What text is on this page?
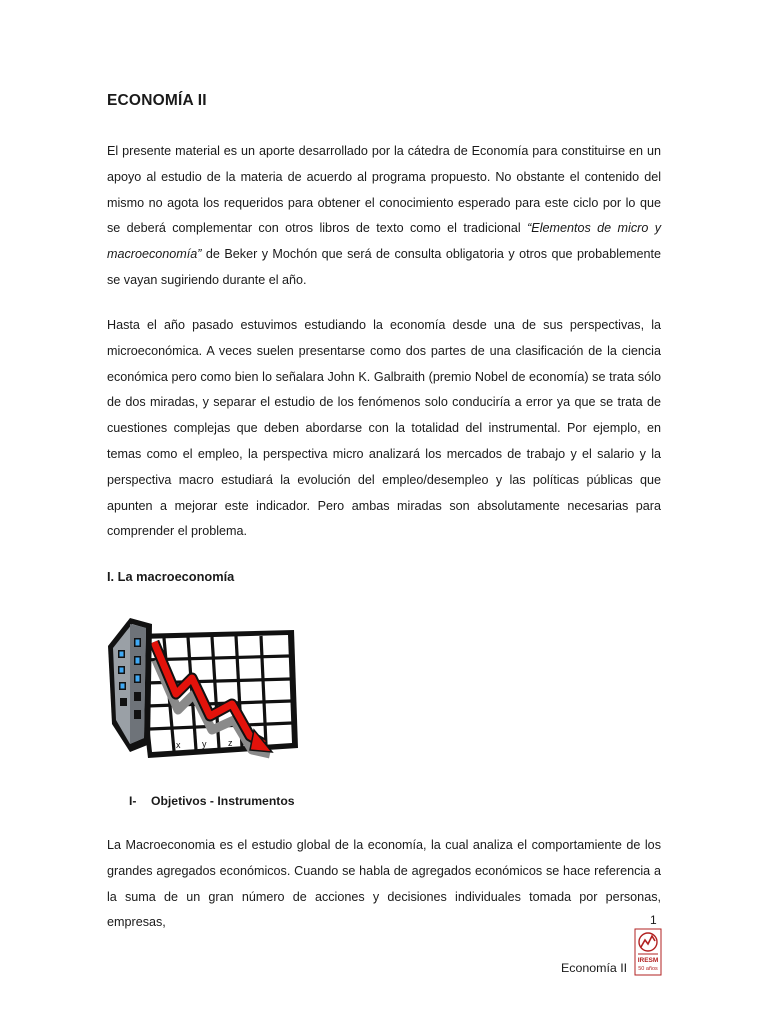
ECONOMÍA II

El presente material es un aporte desarrollado por la cátedra de Economía para constituirse en un apoyo al estudio de la materia de acuerdo al programa propuesto. No obstante el contenido del mismo no agota los requeridos para obtener el conocimiento esperado para este ciclo por lo que se deberá complementar con otros libros de texto como el tradicional “Elementos de micro y macroeconomía” de Beker y Mochón que será de consulta obligatoria y otros que probablemente se vayan sugiriendo durante el año.

Hasta el año pasado estuvimos estudiando la economía desde una de sus perspectivas, la microeconómica. A veces suelen presentarse como dos partes de una clasificación de la ciencia económica pero como bien lo señalara John K. Galbraith (premio Nobel de economía) se trata sólo de dos miradas, y separar el estudio de los fenómenos solo conduciría a error ya que se trata de cuestiones complejas que deben abordarse con la totalidad del instrumental. Por ejemplo, en temas como el empleo, la perspectiva micro analizará los mercados de trabajo y el salario y la perspectiva macro estudiará la evolución del empleo/desempleo y las políticas públicas que apunten a mejorar este indicador. Pero ambas miradas son absolutamente necesarias para comprender el problema.

I. La macroeconomía
x y z
I- Objetivos - Instrumentos

La Macroeconomia es el estudio global de la economía, la cual analiza el comportamiente de los grandes agregados económicos. Cuando se habla de agregados económicos se hace referencia a la suma de un gran número de acciones y decisiones individuales tomada por personas, empresas,	1
IRESM
50 años
Economía II
